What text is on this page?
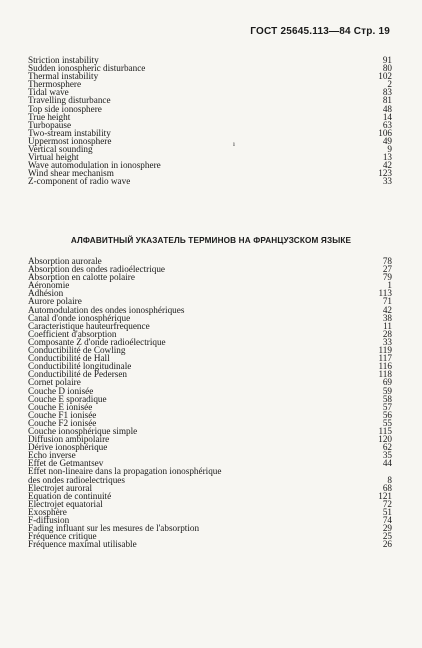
ГОСТ 25645.113—84 Стр. 19
Striction instability	91
Sudden ionospheric disturbance	80
Thermal instability	102
Thermosphere	2
Tidal wave	83
Travelling disturbance	81
Top side ionosphere	48
True height	14
Turbopause	63
Two-stream instability	106
Uppermost ionosphere	49
Vertical sounding	9
Virtual height	13
Wave automodulation in ionosphere	42
Wind shear mechanism	123
Z-component of radio wave	33
ı
АЛФАВИТНЫЙ УКАЗАТЕЛЬ ТЕРМИНОВ НА ФРАНЦУЗСКОМ ЯЗЫКЕ
Absorption aurorale	78
Absorption des ondes radioélectrique	27
Absorption en calotte polaire	79
Aéronomie	1
Adhésion	113
Aurore polaire	71
Automodulation des ondes ionosphériques	42
Canal d'onde ionosphérique	38
Caracteristique hauteurfrequence	11
Coefficient d'absorption	28
Composante Z d'onde radioélectrique	33
Conductibilité de Cowling	119
Conductibilité de Hall	117
Conductibilité longitudinale	116
Conductibilité de Pedersen	118
Cornet polaire	69
Couche D ionisée	59
Couche E sporadique	58
Couche E ionisée	57
Couche F1 ionisée	56
Couche F2 ionisée	55
Couche ionosphérique simple	115
Diffusion ambipolaire	120
Dérive ionosphérique	62
Echo inverse	35
Effet de Getmantsev	44
Effet non-lineaire dans la propagation ionosphérique
des ondes radioelectriques	8
Electrojet auroral	68
Equation de continuité	121
Electrojet equatorial	72
Exosphère	51
F-diffusion	74
Fading influant sur les mesures de l'absorption	29
Fréquence critique	25
Fréquence maximal utilisable	26
